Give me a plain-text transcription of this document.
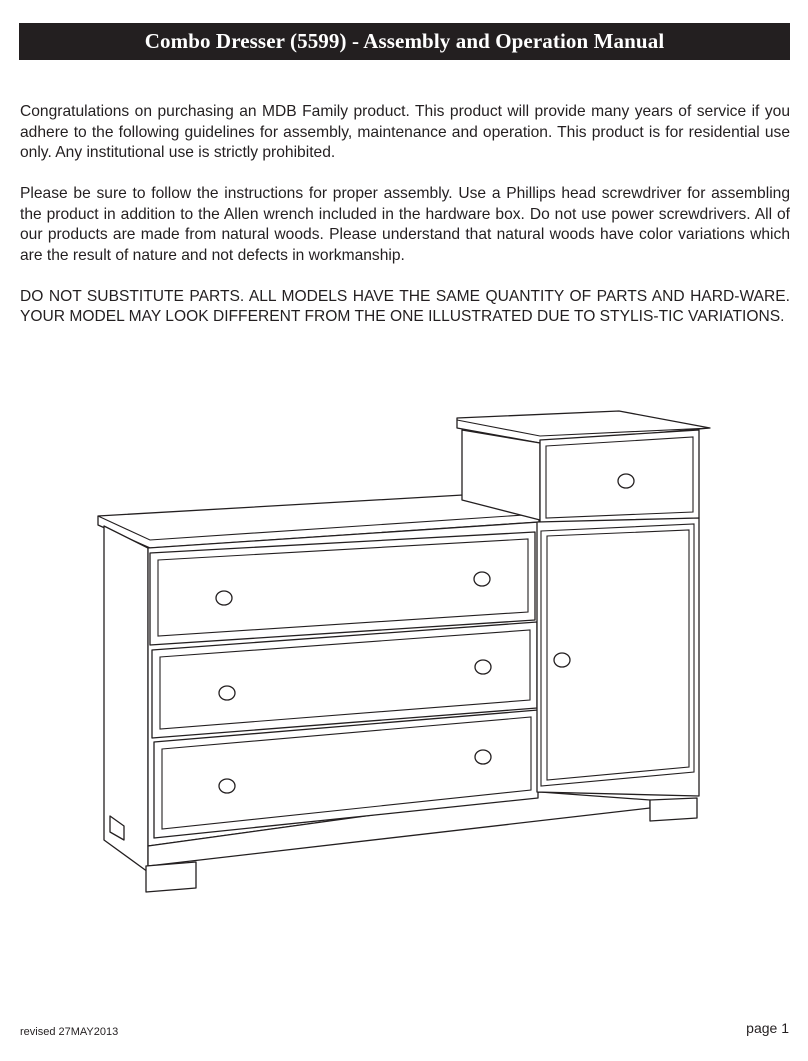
Combo Dresser (5599) - Assembly and Operation Manual

Congratulations on purchasing an MDB Family product. This product will provide many years of service if you adhere to the following guidelines for assembly, maintenance and operation. This product is for residential use only. Any institutional use is strictly prohibited.

Please be sure to follow the instructions for proper assembly. Use a Phillips head screwdriver for assembling the product in addition to the Allen wrench included in the hardware box. Do not use power screwdrivers. All of our products are made from natural woods. Please understand that natural woods have color variations which are the result of nature and not defects in workmanship.

DO NOT SUBSTITUTE PARTS. ALL MODELS HAVE THE SAME QUANTITY OF PARTS AND HARD-WARE. YOUR MODEL MAY LOOK DIFFERENT FROM THE ONE ILLUSTRATED DUE TO STYLIS-TIC VARIATIONS.

revised 27MAY2013	page 1
